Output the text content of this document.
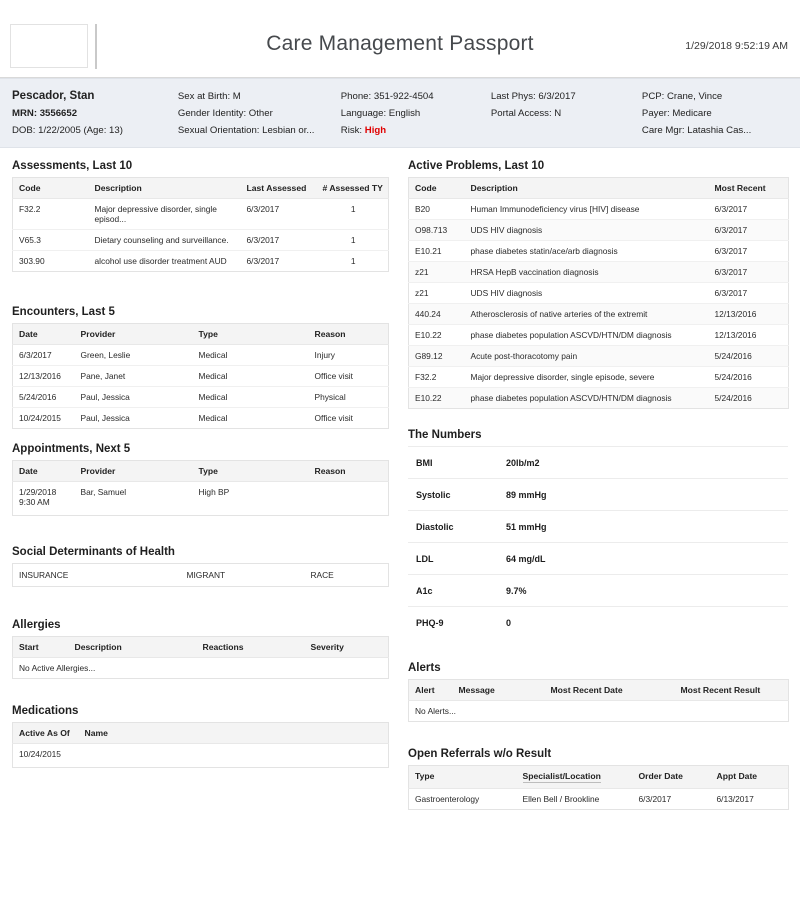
Care Management Passport	1/29/2018 9:52:19 AM
Pescador, Stan
MRN: 3556652
DOB: 1/22/2005 (Age: 13)
Sex at Birth: M
Gender Identity: Other
Sexual Orientation: Lesbian or...
Phone: 351-922-4504
Language: English
Risk: High
Last Phys: 6/3/2017
Portal Access: N
PCP: Crane, Vince
Payer: Medicare
Care Mgr: Latashia Cas...
Assessments, Last 10
Code	Description	Last Assessed	# Assessed TY
F32.2	Major depressive disorder, single episod...	6/3/2017	1
V65.3	Dietary counseling and surveillance.	6/3/2017	1
303.90	alcohol use disorder treatment AUD	6/3/2017	1
Encounters, Last 5
Date	Provider	Type	Reason
6/3/2017	Green, Leslie	Medical	Injury
12/13/2016	Pane, Janet	Medical	Office visit
5/24/2016	Paul, Jessica	Medical	Physical
10/24/2015	Paul, Jessica	Medical	Office visit
Appointments, Next 5
Date	Provider	Type	Reason
1/29/2018 9:30 AM	Bar, Samuel	High BP	
Social Determinants of Health
INSURANCE	MIGRANT	RACE
Allergies
Start	Description	Reactions	Severity
No Active Allergies...
Medications
Active As Of	Name
10/24/2015	
Active Problems, Last 10
Code	Description	Most Recent
B20	Human Immunodeficiency virus [HIV] disease	6/3/2017
O98.713	UDS HIV diagnosis	6/3/2017
E10.21	phase diabetes statin/ace/arb diagnosis	6/3/2017
z21	HRSA HepB vaccination diagnosis	6/3/2017
z21	UDS HIV diagnosis	6/3/2017
440.24	Atherosclerosis of native arteries of the extremit	12/13/2016
E10.22	phase diabetes population ASCVD/HTN/DM diagnosis	12/13/2016
G89.12	Acute post-thoracotomy pain	5/24/2016
F32.2	Major depressive disorder, single episode, severe	5/24/2016
E10.22	phase diabetes population ASCVD/HTN/DM diagnosis	5/24/2016
The Numbers
BMI	20lb/m2
Systolic	89 mmHg
Diastolic	51 mmHg
LDL	64 mg/dL
A1c	9.7%
PHQ-9	0
Alerts
Alert	Message	Most Recent Date	Most Recent Result
No Alerts...
Open Referrals w/o Result
Type	Specialist/Location	Order Date	Appt Date
Gastroenterology	Ellen Bell / Brookline	6/3/2017	6/13/2017
